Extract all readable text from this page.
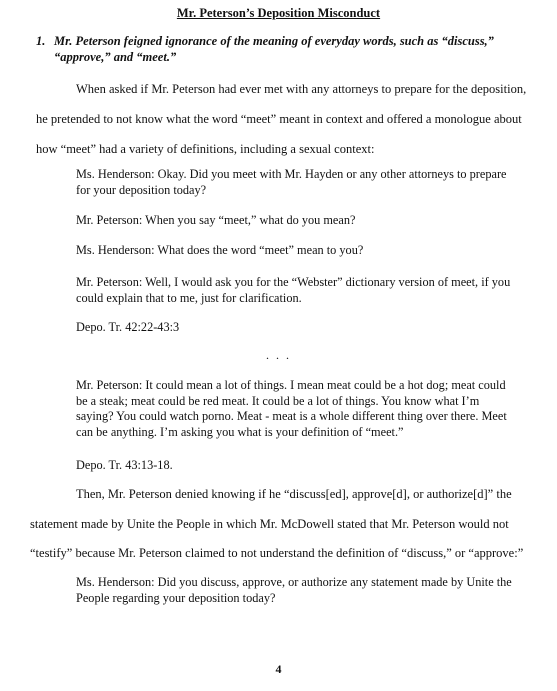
Mr. Peterson’s Deposition Misconduct
1. Mr. Peterson feigned ignorance of the meaning of everyday words, such as “discuss,”
“approve,” and “meet.”
When asked if Mr. Peterson had ever met with any attorneys to prepare for the deposition,
he pretended to not know what the word “meet” meant in context and offered a monologue about
how “meet” had a variety of definitions, including a sexual context:
Ms. Henderson: Okay. Did you meet with Mr. Hayden or any other attorneys to prepare for your deposition today?
Mr. Peterson: When you say “meet,” what do you mean?
Ms. Henderson: What does the word “meet” mean to you?
Mr. Peterson: Well, I would ask you for the “Webster” dictionary version of meet, if you could explain that to me, just for clarification.
Depo. Tr. 42:22-43:3
. . .
Mr. Peterson: It could mean a lot of things. I mean meat could be a hot dog; meat could be a steak; meat could be red meat. It could be a lot of things. You know what I’m saying? You could watch porno. Meat - meat is a whole different thing over there. Meet can be anything. I’m asking you what is your definition of “meet.”
Depo. Tr. 43:13-18.
Then, Mr. Peterson denied knowing if he “discuss[ed], approve[d], or authorize[d]” the
statement made by Unite the People in which Mr. McDowell stated that Mr. Peterson would not
“testify” because Mr. Peterson claimed to not understand the definition of “discuss,” or “approve:”
Ms. Henderson: Did you discuss, approve, or authorize any statement made by Unite the People regarding your deposition today?
4
